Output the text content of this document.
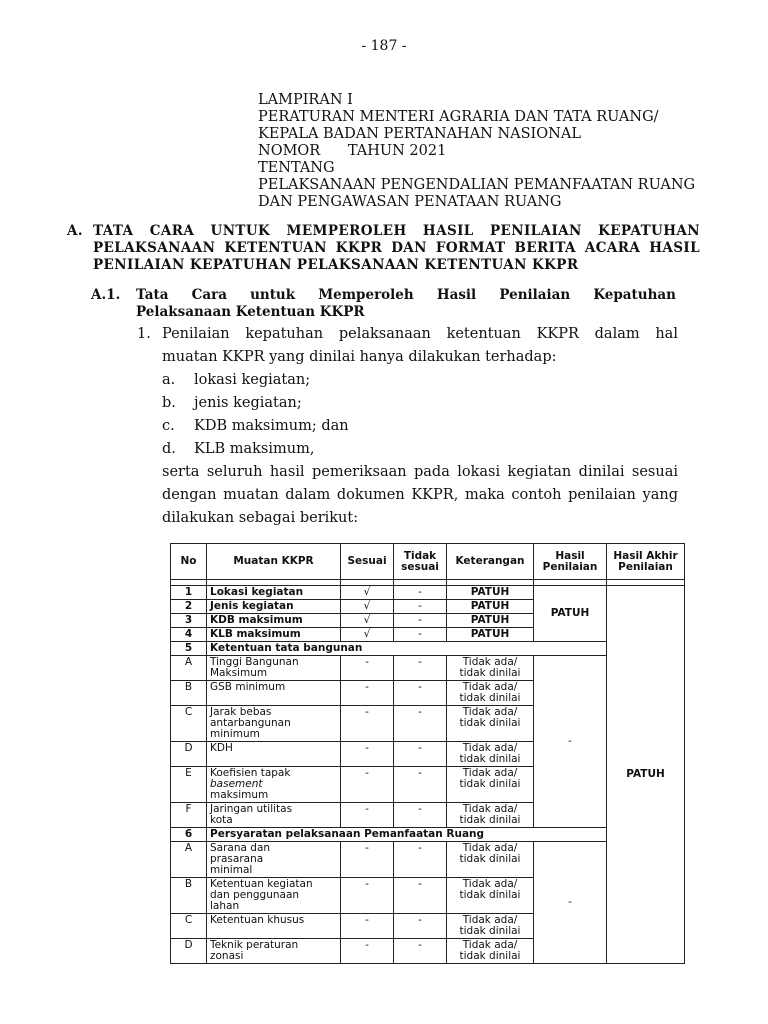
- 187 -
LAMPIRAN I
PERATURAN MENTERI AGRARIA DAN TATA RUANG/
KEPALA BADAN PERTANAHAN NASIONAL
NOMOR      TAHUN 2021
TENTANG
PELAKSANAAN PENGENDALIAN PEMANFAATAN RUANG
DAN PENGAWASAN PENATAAN RUANG
A. TATA CARA UNTUK MEMPEROLEH HASIL PENILAIAN KEPATUHAN
PELAKSANAAN KETENTUAN KKPR DAN FORMAT BERITA ACARA HASIL
PENILAIAN KEPATUHAN PELAKSANAAN KETENTUAN KKPR
A.1. Tata Cara untuk Memperoleh Hasil Penilaian Kepatuhan
Pelaksanaan Ketentuan KKPR
1. Penilaian kepatuhan pelaksanaan ketentuan KKPR dalam hal
muatan KKPR yang dinilai hanya dilakukan terhadap:
a. lokasi kegiatan;
b. jenis kegiatan;
c. KDB maksimum; dan
d. KLB maksimum,
serta seluruh hasil pemeriksaan pada lokasi kegiatan dinilai sesuai
dengan muatan dalam dokumen KKPR, maka contoh penilaian yang
dilakukan sebagai berikut:
No	Muatan KKPR	Sesuai	Tidak sesuai	Keterangan	Hasil Penilaian	Hasil Akhir Penilaian

1	Lokasi kegiatan	√	-	PATUH	PATUH	PATUH
2	Jenis kegiatan	√	-	PATUH		
3	KDB maksimum	√	-	PATUH		
4	KLB maksimum	√	-	PATUH		
5	Ketentuan tata bangunan					
A	Tinggi Bangunan Maksimum	-	-	Tidak ada/ tidak dinilai	-	
B	GSB minimum	-	-	Tidak ada/ tidak dinilai		
C	Jarak bebas antarbangunan minimum	-	-	Tidak ada/ tidak dinilai		
D	KDH	-	-	Tidak ada/ tidak dinilai		
E	Koefisien tapak
basement
maksimum	-	-	Tidak ada/ tidak dinilai		
F	Jaringan utilitas kota	-	-	Tidak ada/ tidak dinilai		
6	Persyaratan pelaksanaan Pemanfaatan Ruang					
A	Sarana dan prasarana minimal	-	-	Tidak ada/ tidak dinilai	-	
B	Ketentuan kegiatan dan penggunaan lahan	-	-	Tidak ada/ tidak dinilai		
C	Ketentuan khusus	-	-	Tidak ada/ tidak dinilai		
D	Teknik peraturan zonasi	-	-	Tidak ada/ tidak dinilai		
